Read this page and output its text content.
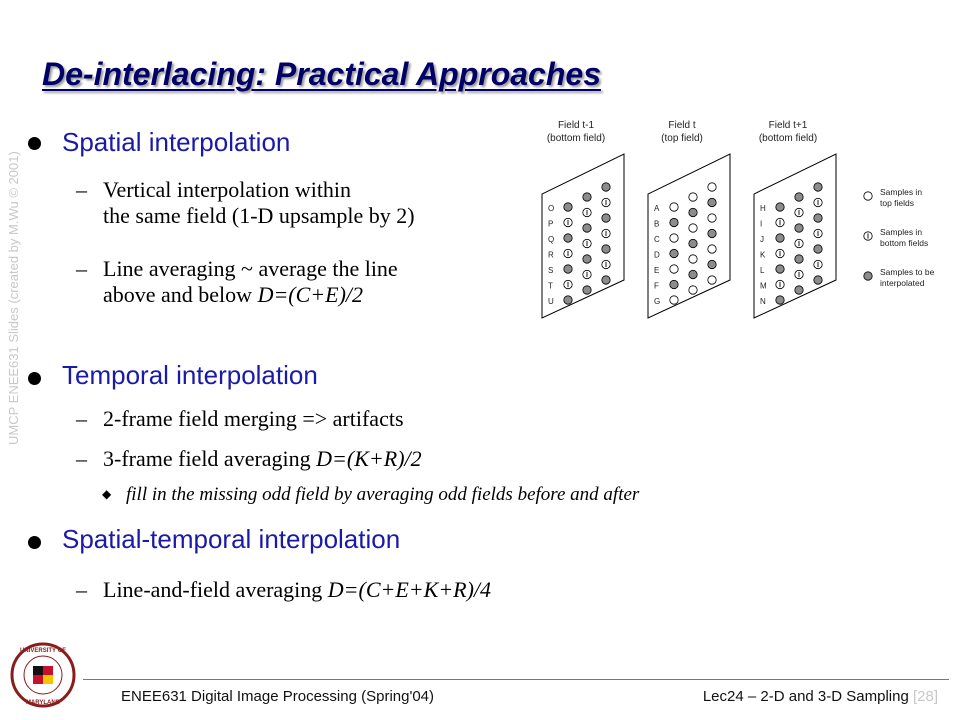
De-interlacing: Practical Approaches
UMCP ENEE631 Slides (created by M.Wu © 2001)
Spatial interpolation
– Vertical interpolation within
the same field (1-D upsample by 2)
– Line averaging ~ average the line
above and below D=(C+E)/2
Temporal interpolation
– 2-frame field merging => artifacts
– 3-frame field averaging D=(K+R)/2
◆ fill in the missing odd field by averaging odd fields before and after
Spatial-temporal interpolation
– Line-and-field averaging D=(C+E+K+R)/4
Field t-1
(bottom field)
O
P
Q
R
S
T
U
Field t
(top field)
A
B
C
D
E
F
G
Field t+1
(bottom field)
H
I
J
K
L
M
N
Samples in
top fields
Samples in
bottom fields
Samples to be
interpolated
UNIVERSITY OF
MARYLAND	ENEE631 Digital Image Processing (Spring'04)	Lec24 – 2-D and 3-D Sampling [28]
